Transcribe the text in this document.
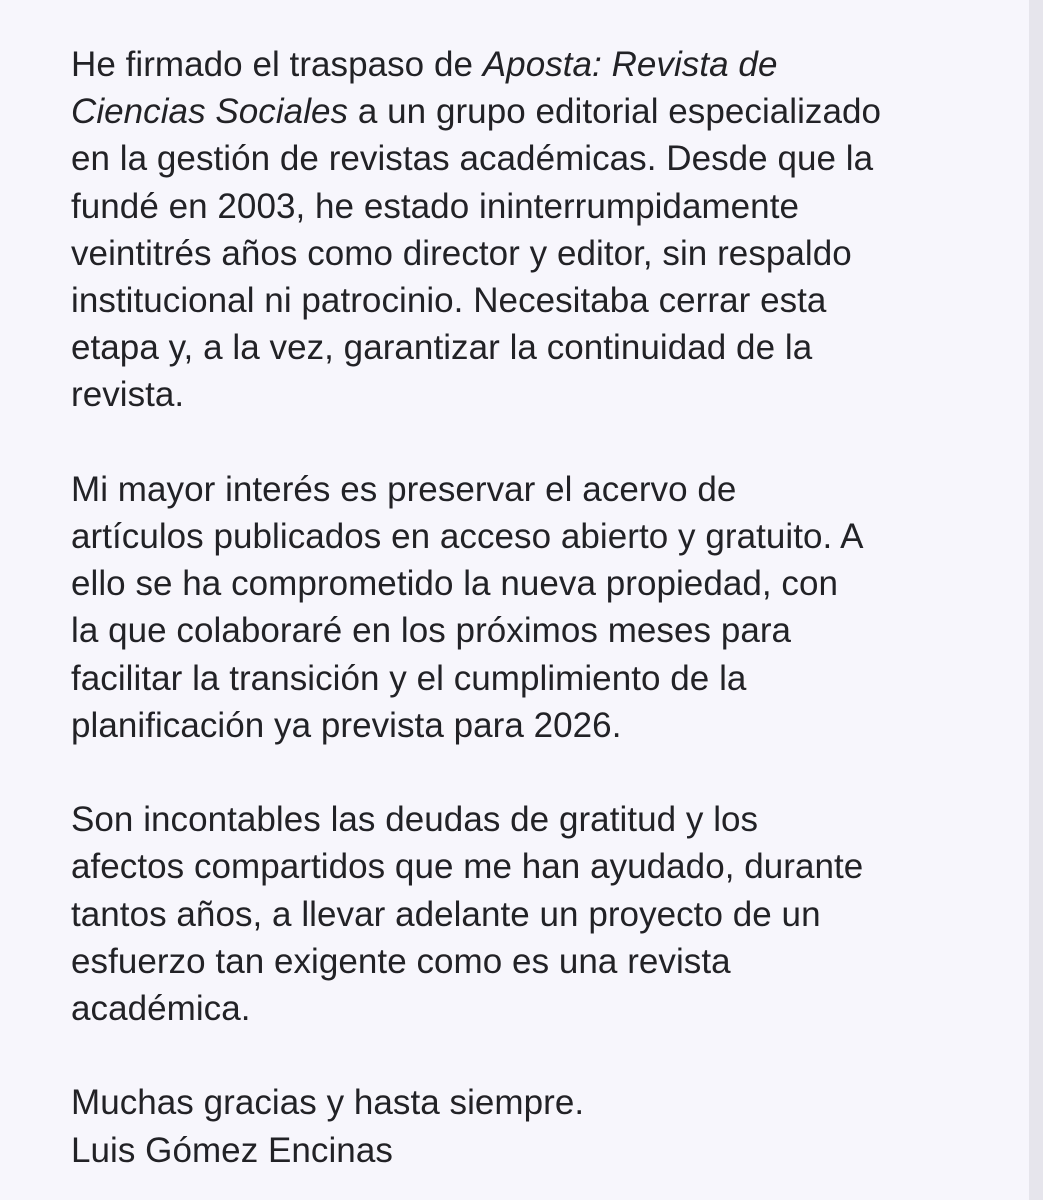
He firmado el traspaso de Aposta: Revista de
Ciencias Sociales a un grupo editorial especializado
en la gestión de revistas académicas. Desde que la
fundé en 2003, he estado ininterrumpidamente
veintitrés años como director y editor, sin respaldo
institucional ni patrocinio. Necesitaba cerrar esta
etapa y, a la vez, garantizar la continuidad de la
revista.

Mi mayor interés es preservar el acervo de
artículos publicados en acceso abierto y gratuito. A
ello se ha comprometido la nueva propiedad, con
la que colaboraré en los próximos meses para
facilitar la transición y el cumplimiento de la
planificación ya prevista para 2026.

Son incontables las deudas de gratitud y los
afectos compartidos que me han ayudado, durante
tantos años, a llevar adelante un proyecto de un
esfuerzo tan exigente como es una revista
académica.

Muchas gracias y hasta siempre.
Luis Gómez Encinas
